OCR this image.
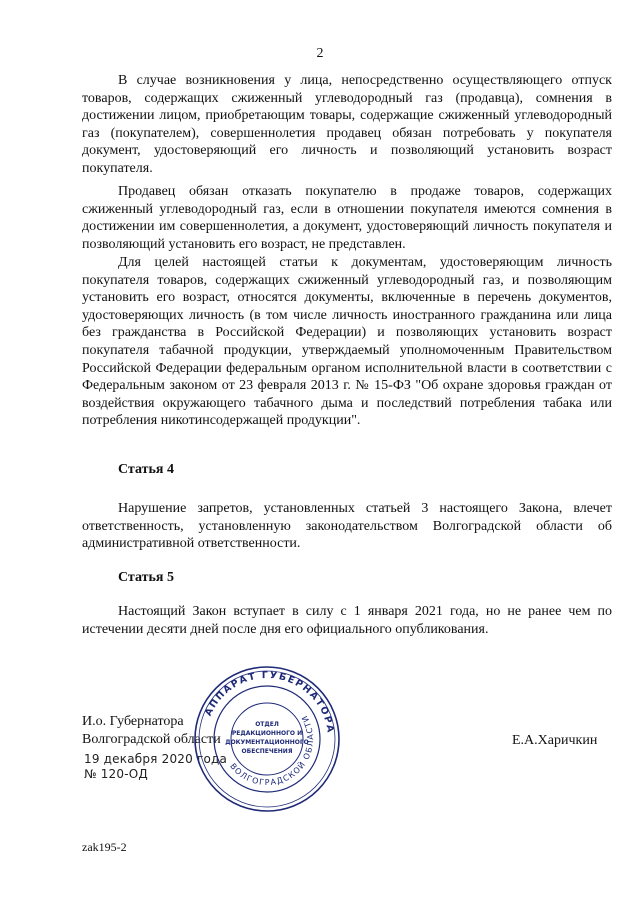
2

В случае возникновения у лица, непосредственно осуществляющего отпуск товаров, содержащих сжиженный углеводородный газ (продавца), сомнения в достижении лицом, приобретающим товары, содержащие сжиженный углеводородный газ (покупателем), совершеннолетия продавец обязан потребовать у покупателя документ, удостоверяющий его личность и позволяющий установить возраст покупателя.

Продавец обязан отказать покупателю в продаже товаров, содержащих сжиженный углеводородный газ, если в отношении покупателя имеются сомнения в достижении им совершеннолетия, а документ, удостоверяющий личность покупателя и позволяющий установить его возраст, не представлен.

Для целей настоящей статьи к документам, удостоверяющим личность покупателя товаров, содержащих сжиженный углеводородный газ, и позволяющим установить его возраст, относятся документы, включенные в перечень документов, удостоверяющих личность (в том числе личность иностранного гражданина или лица без гражданства в Российской Федерации) и позволяющих установить возраст покупателя табачной продукции, утверждаемый уполномоченным Правительством Российской Федерации федеральным органом исполнительной власти в соответствии с Федеральным законом от 23 февраля 2013 г. № 15-ФЗ "Об охране здоровья граждан от воздействия окружающего табачного дыма и последствий потребления табака или потребления никотинсодержащей продукции".

Статья 4

Нарушение запретов, установленных статьей 3 настоящего Закона, влечет ответственность, установленную законодательством Волгоградской области об административной ответственности.

Статья 5

Настоящий Закон вступает в силу с 1 января 2021 года, но не ранее чем по истечении десяти дней после дня его официального опубликования.

И.о. Губернатора
Волгоградской области	Е.А.Харичкин
19 декабря 2020 года
№ 120-ОД
АППАРАТ ГУБЕРНАТОРА
ВОЛГОГРАДСКОЙ ОБЛАСТИ
ОТДЕЛ
РЕДАКЦИОННОГО И
ДОКУМЕНТАЦИОННОГО
ОБЕСПЕЧЕНИЯ
zak195-2
